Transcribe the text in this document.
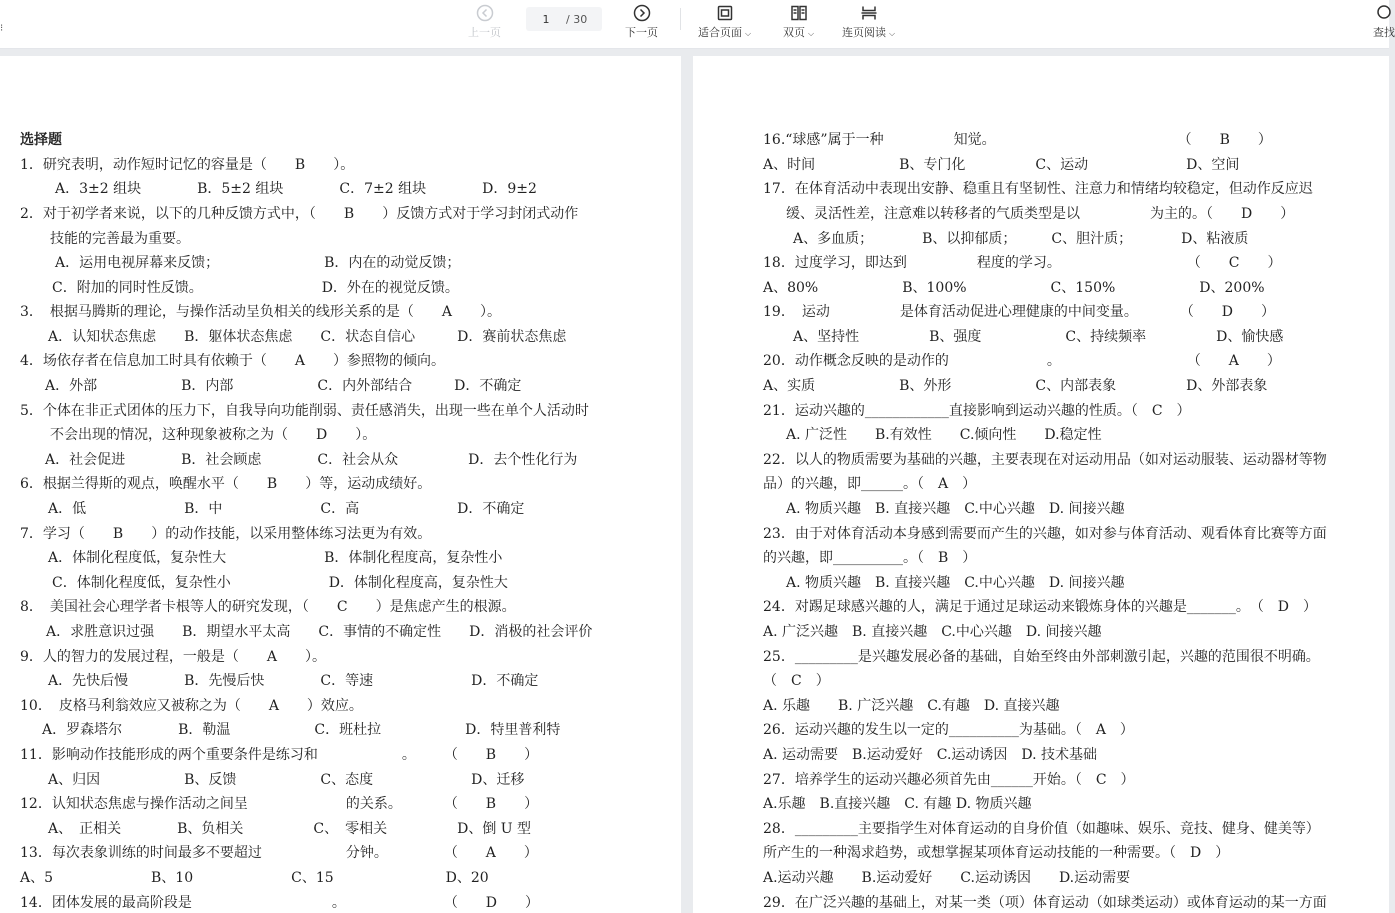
⁝	上一页
1	/ 30
下一页	适合页面 ⌵	双页 ⌵	连页阅读 ⌵	查找
选择题
1．研究表明，动作短时记忆的容量是（　　B　　）。
A．3±2 组块　　　　B．5±2 组块　　　　C．7±2 组块　　　　D．9±2
2．对于初学者来说，以下的几种反馈方式中，（　　B　　）反馈方式对于学习封闭式动作
技能的完善最为重要。
A．运用电视屏幕来反馈；　　　　　　　　B．内在的动觉反馈；
C．附加的同时性反馈。　　　　　　　　　D．外在的视觉反馈。
3．　根据马腾斯的理论，与操作活动呈负相关的线形关系的是（　　A　　）。
A．认知状态焦虑　　B．躯体状态焦虑　　C．状态自信心　　　D．赛前状态焦虑
4．场依存者在信息加工时具有依赖于（　　A　　）参照物的倾向。
A．外部　　　　　　B．内部　　　　　　C．内外部结合　　　D．不确定
5．个体在非正式团体的压力下，自我导向功能削弱、责任感消失，出现一些在单个人活动时
不会出现的情况，这种现象被称之为（　　D　　）。
A．社会促进　　　　B．社会顾虑　　　　C．社会从众　　　　　D．去个性化行为
6．根据兰得斯的观点，唤醒水平（　　B　　）等，运动成绩好。
A．低　　　　　　　B．中　　　　　　　C．高　　　　　　　D．不确定
7．学习（　　B　　）的动作技能，以采用整体练习法更为有效。
A．体制化程度低，复杂性大　　　　　　　B．体制化程度高，复杂性小
C．体制化程度低，复杂性小　　　　　　　D．体制化程度高，复杂性大
8．　美国社会心理学者卡根等人的研究发现，（　　C　　）是焦虑产生的根源。
A．求胜意识过强　　B．期望水平太高　　C．事情的不确定性　　D．消极的社会评价
9．人的智力的发展过程，一般是（　　A　　）。
A．先快后慢　　　　B．先慢后快　　　　C．等速　　　　　　　D．不确定
10．　皮格马利翁效应又被称之为（　　A　　）效应。
A．罗森塔尔　　　　B．勒温　　　　　　C．班杜拉　　　　　　D．特里普利特
11．影响动作技能形成的两个重要条件是练习和　　　　　　。　　　（　　B　　）
A、归因　　　　　　B、反馈　　　　　　C、态度　　　　　　　D、迁移
12．认知状态焦虑与操作活动之间呈　　　　　　　的关系。　　　　（　　B　　）
A、　正相关　　　　B、负相关　　　　　C、　零相关　　　　　D、倒 U 型
13．每次表象训练的时间最多不要超过　　　　　　分钟。　　　　　（　　A　　）
A、5　　　　　　　B、10　　　　　　　C、15　　　　　　　　D、20
14．团体发展的最高阶段是　　　　　　　　　　。　　　　　　　　（　　D　　）
16.“球感”属于一种　　　　　知觉。　　　　　　　　　　　　　　（　　B　　）
A、时间　　　　　　B、专门化　　　　　C、运动　　　　　　　D、空间
17．在体育活动中表现出安静、稳重且有坚韧性、注意力和情绪均较稳定，但动作反应迟
缓、灵活性差，注意难以转移者的气质类型是以　　　　　为主的。（　　D　　）
A、多血质；　　　　B、以抑郁质；　　　C、胆汁质；　　　　D、粘液质
18．过度学习，即达到　　　　　程度的学习。　　　　　　　　　　（　　C　　）
A、80%　　　　　　B、100%　　　　　　C、150%　　　　　　D、200%
19．　运动　　　　　是体育活动促进心理健康的中间变量。　　　　（　　D　　）
A、坚持性　　　　　B、强度　　　　　　C、持续频率　　　　　D、愉快感
20．动作概念反映的是动作的　　　　　　　。　　　　　　　　　　（　　A　　）
A、实质　　　　　　B、外形　　　　　　C、内部表象　　　　　D、外部表象
21．运动兴趣的____________直接影响到运动兴趣的性质。（　C　）
A. 广泛性　　B.有效性　　C.倾向性　　D.稳定性
22．以人的物质需要为基础的兴趣，主要表现在对运动用品（如对运动服装、运动器材等物
品）的兴趣，即______。（　A　）
A. 物质兴趣　B. 直接兴趣　C.中心兴趣　D. 间接兴趣
23．由于对体育活动本身感到需要而产生的兴趣，如对参与体育活动、观看体育比赛等方面
的兴趣，即__________。（　B　）
A. 物质兴趣　B. 直接兴趣　C.中心兴趣　D. 间接兴趣
24．对踢足球感兴趣的人，满足于通过足球运动来锻炼身体的兴趣是_______。　（　D　）
A. 广泛兴趣　B. 直接兴趣　C.中心兴趣　D. 间接兴趣
25．_________是兴趣发展必备的基础，自始至终由外部刺激引起，兴趣的范围很不明确。
（　C　）
A. 乐趣　　B. 广泛兴趣　C.有趣　D. 直接兴趣
26．运动兴趣的发生以一定的__________为基础。（　A　）
A. 运动需要　B.运动爱好　C.运动诱因　D. 技术基础
27．培养学生的运动兴趣必须首先由______开始。（　C　）
A.乐趣　B.直接兴趣　C. 有趣 D. 物质兴趣
28．_________主要指学生对体育运动的自身价值（如趣味、娱乐、竞技、健身、健美等）
所产生的一种渴求趋势，或想掌握某项体育运动技能的一种需要。（　D　）
A.运动兴趣　　B.运动爱好　　C.运动诱因　　D.运动需要
29．在广泛兴趣的基础上，对某一类（项）体育运动（如球类运动）或体育运动的某一方面
